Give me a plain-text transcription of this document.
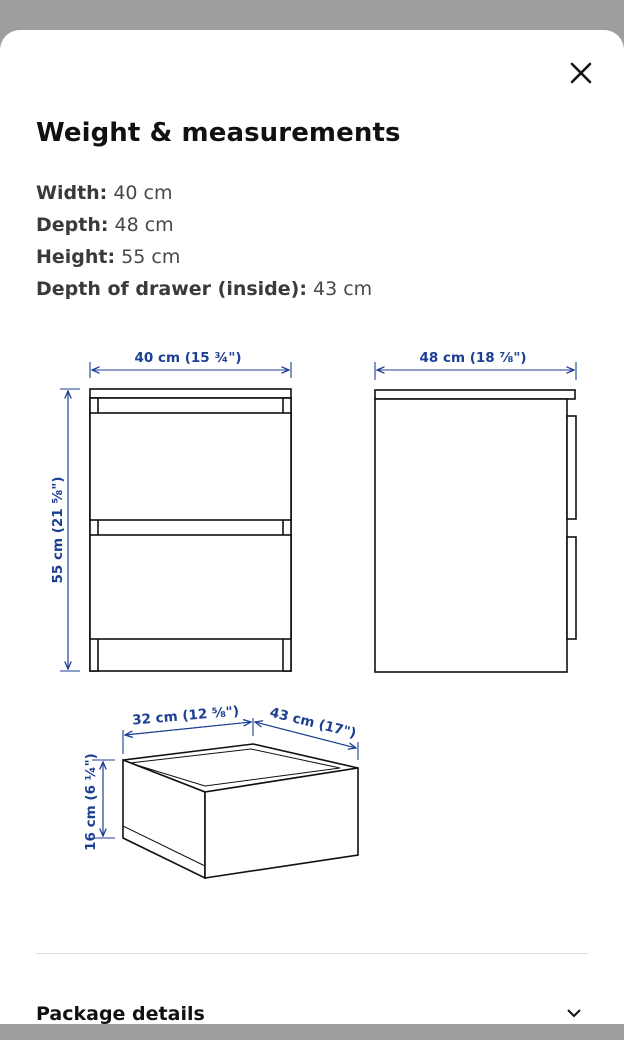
Weight & measurements
Width: 40 cm
Depth: 48 cm
Height: 55 cm
Depth of drawer (inside): 43 cm
40 cm (15 ¾")
55 cm (21 ⅝")
48 cm (18 ⅞")
32 cm (12 ⅝") 43 cm (17")
16 cm (6 ¼")
Package details
